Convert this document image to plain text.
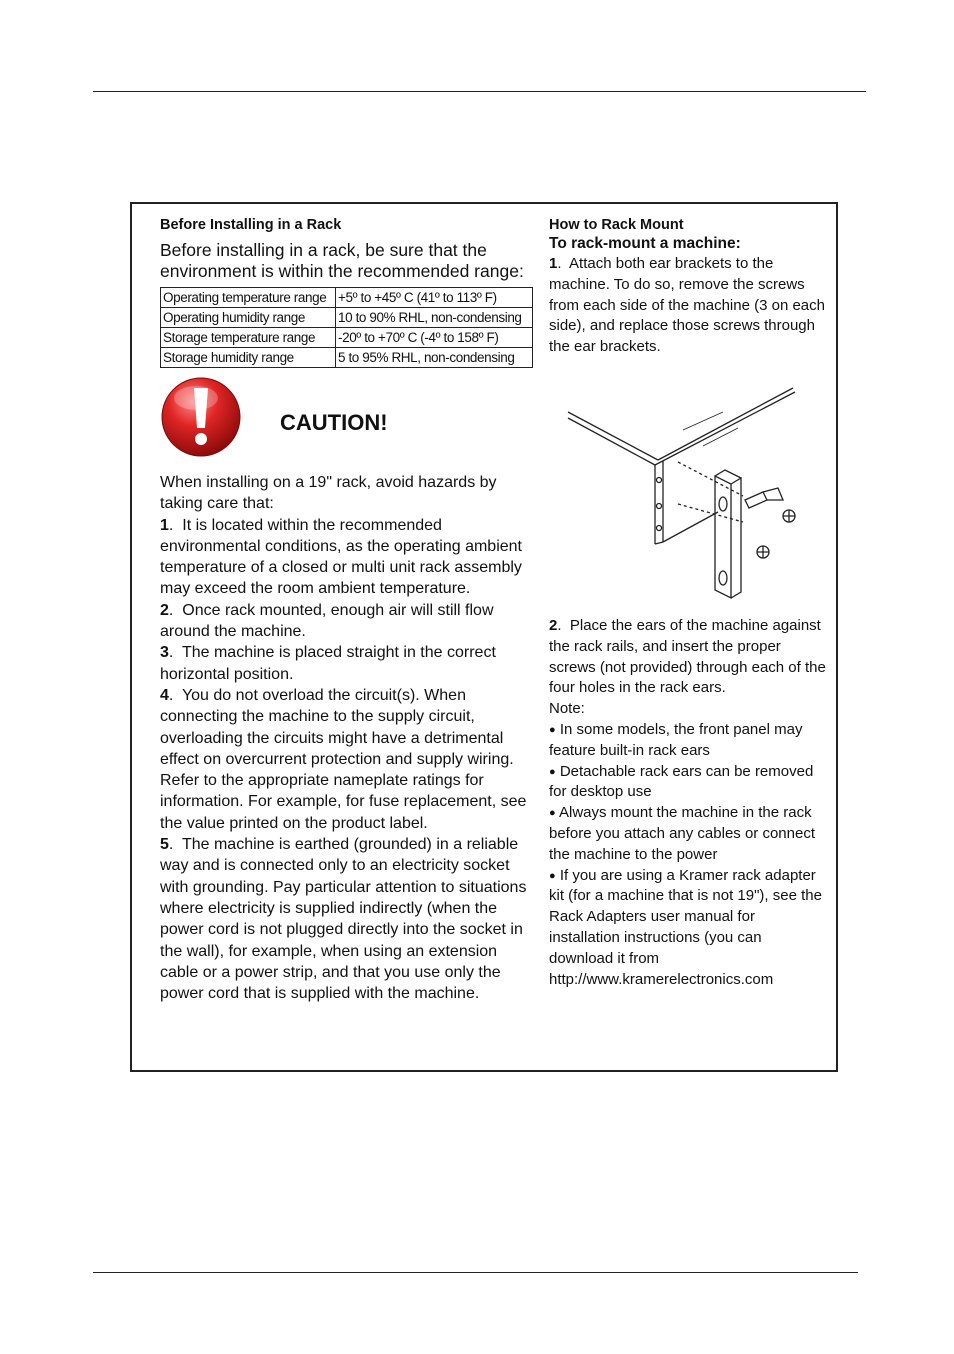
Before Installing in a Rack

Before installing in a rack, be sure that the environment is within the recommended range:

Operating temperature range	+5º to +45º C (41º to 113º F)
Operating humidity range	10 to 90% RHL, non-condensing
Storage temperature range	-20º to +70º C (-4º to 158º F)
Storage humidity range	5 to 95% RHL, non-condensing
CAUTION!

When installing on a 19" rack, avoid hazards by taking care that:

1.  It is located within the recommended environmental conditions, as the operating ambient temperature of a closed or multi unit rack assembly may exceed the room ambient temperature.

2.  Once rack mounted, enough air will still flow around the machine.

3.  The machine is placed straight in the correct horizontal position.

4.  You do not overload the circuit(s). When connecting the machine to the supply circuit, overloading the circuits might have a detrimental effect on overcurrent protection and supply wiring. Refer to the appropriate nameplate ratings for information. For example, for fuse replacement, see the value printed on the product label.

5.  The machine is earthed (grounded) in a reliable way and is connected only to an electricity socket with grounding. Pay particular attention to situations where electricity is supplied indirectly (when the power cord is not plugged directly into the socket in the wall), for example, when using an extension cable or a power strip, and that you use only the power cord that is supplied with the machine.

How to Rack Mount

To rack-mount a machine:

1.  Attach both ear brackets to the machine. To do so, remove the screws from each side of the machine (3 on each side), and replace those screws through the ear brackets.

2.  Place the ears of the machine against the rack rails, and insert the proper screws (not provided) through each of the four holes in the rack ears.

Note:

● In some models, the front panel may feature built-in rack ears

● Detachable rack ears can be removed for desktop use

● Always mount the machine in the rack before you attach any cables or connect the machine to the power

● If you are using a Kramer rack adapter kit (for a machine that is not 19"), see the Rack Adapters user manual for installation instructions (you can download it from

http://www.kramerelectronics.com
